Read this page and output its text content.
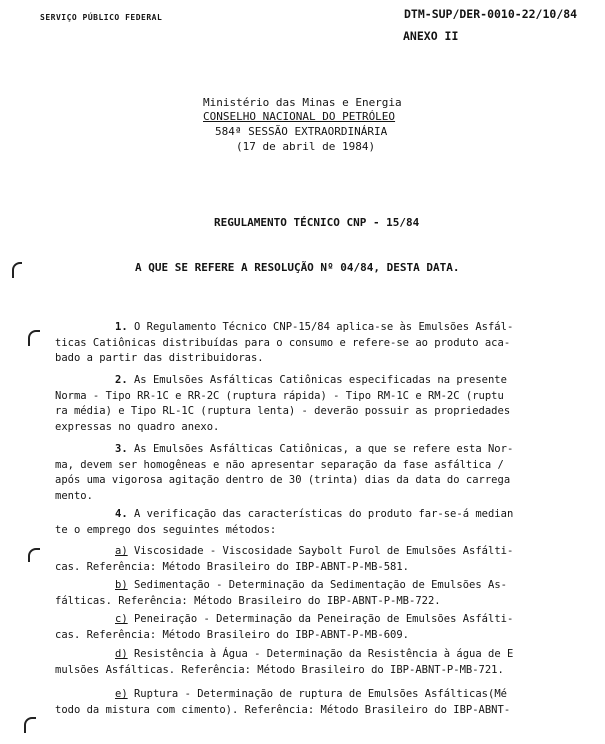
SERVIÇO PÚBLICO FEDERAL	DTM-SUP/DER-0010-22/10/84
ANEXO II
Ministério das Minas e Energia
CONSELHO NACIONAL DO PETRÓLEO
584ª SESSÃO EXTRAORDINÁRIA
(17 de abril de 1984)
REGULAMENTO TÉCNICO CNP - 15/84
A QUE SE REFERE A RESOLUÇÃO Nº 04/84, DESTA DATA.
1. O Regulamento Técnico CNP-15/84 aplica-se às Emulsões Asfál-
ticas Catiônicas distribuídas para o consumo e refere-se ao produto aca-
bado a partir das distribuidoras.
2. As Emulsões Asfálticas Catiônicas especificadas na presente
Norma - Tipo RR-1C e RR-2C (ruptura rápida) - Tipo RM-1C e RM-2C (ruptu
ra média) e Tipo RL-1C (ruptura lenta) - deverão possuir as propriedades
expressas no quadro anexo.
3. As Emulsões Asfálticas Catiônicas, a que se refere esta Nor-
ma, devem ser homogêneas e não apresentar separação da fase asfáltica /
após uma vigorosa agitação dentro de 30 (trinta) dias da data do carrega
mento.
4. A verificação das características do produto far-se-á median
te o emprego dos seguintes métodos:
a) Viscosidade - Viscosidade Saybolt Furol de Emulsões Asfálti-
cas. Referência: Método Brasileiro do IBP-ABNT-P-MB-581.
b) Sedimentação - Determinação da Sedimentação de Emulsões As-
fálticas. Referência: Método Brasileiro do IBP-ABNT-P-MB-722.
c) Peneiração - Determinação da Peneiração de Emulsões Asfálti-
cas. Referência: Método Brasileiro do IBP-ABNT-P-MB-609.
d) Resistência à Água - Determinação da Resistência à água de E
mulsões Asfálticas. Referência: Método Brasileiro do IBP-ABNT-P-MB-721.
e) Ruptura - Determinação de ruptura de Emulsões Asfálticas(Mé
todo da mistura com cimento). Referência: Método Brasileiro do IBP-ABNT-
